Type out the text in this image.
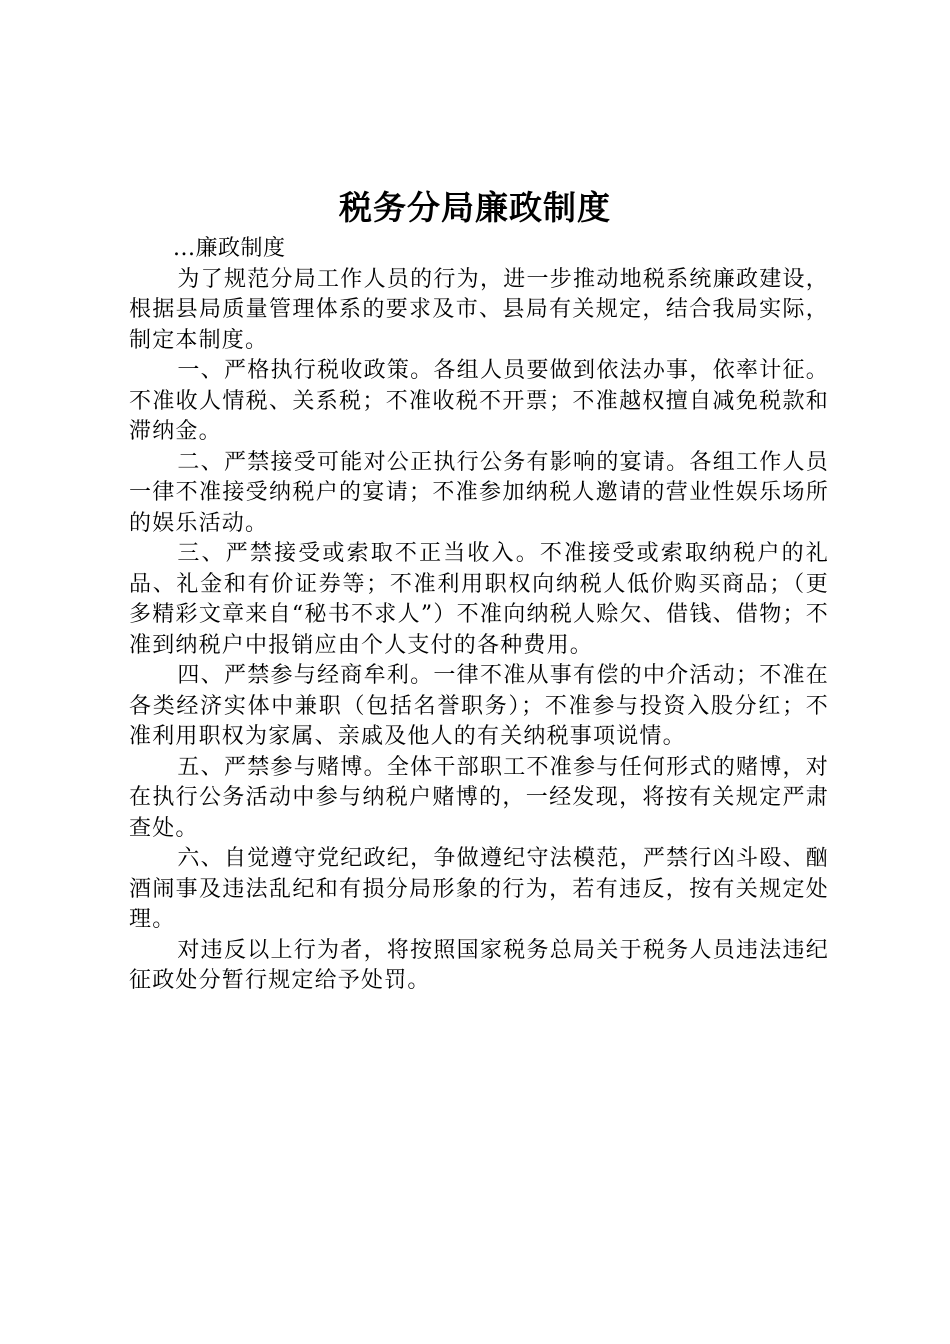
税务分局廉政制度

...廉政制度

为了规范分局工作人员的行为，进一步推动地税系统廉政建设，根据县局质量管理体系的要求及市、县局有关规定，结合我局实际，制定本制度。

一、严格执行税收政策。各组人员要做到依法办事，依率计征。不准收人情税、关系税；不准收税不开票；不准越权擅自减免税款和滞纳金。

二、严禁接受可能对公正执行公务有影响的宴请。各组工作人员一律不准接受纳税户的宴请；不准参加纳税人邀请的营业性娱乐场所的娱乐活动。

三、严禁接受或索取不正当收入。不准接受或索取纳税户的礼品、礼金和有价证券等；不准利用职权向纳税人低价购买商品；（更多精彩文章来自“秘书不求人”）不准向纳税人赊欠、借钱、借物；不准到纳税户中报销应由个人支付的各种费用。

四、严禁参与经商牟利。一律不准从事有偿的中介活动；不准在各类经济实体中兼职（包括名誉职务）；不准参与投资入股分红；不准利用职权为家属、亲戚及他人的有关纳税事项说情。

五、严禁参与赌博。全体干部职工不准参与任何形式的赌博，对在执行公务活动中参与纳税户赌博的，一经发现，将按有关规定严肃查处。

六、自觉遵守党纪政纪，争做遵纪守法模范，严禁行凶斗殴、酗酒闹事及违法乱纪和有损分局形象的行为，若有违反，按有关规定处理。

对违反以上行为者，将按照国家税务总局关于税务人员违法违纪征政处分暂行规定给予处罚。
